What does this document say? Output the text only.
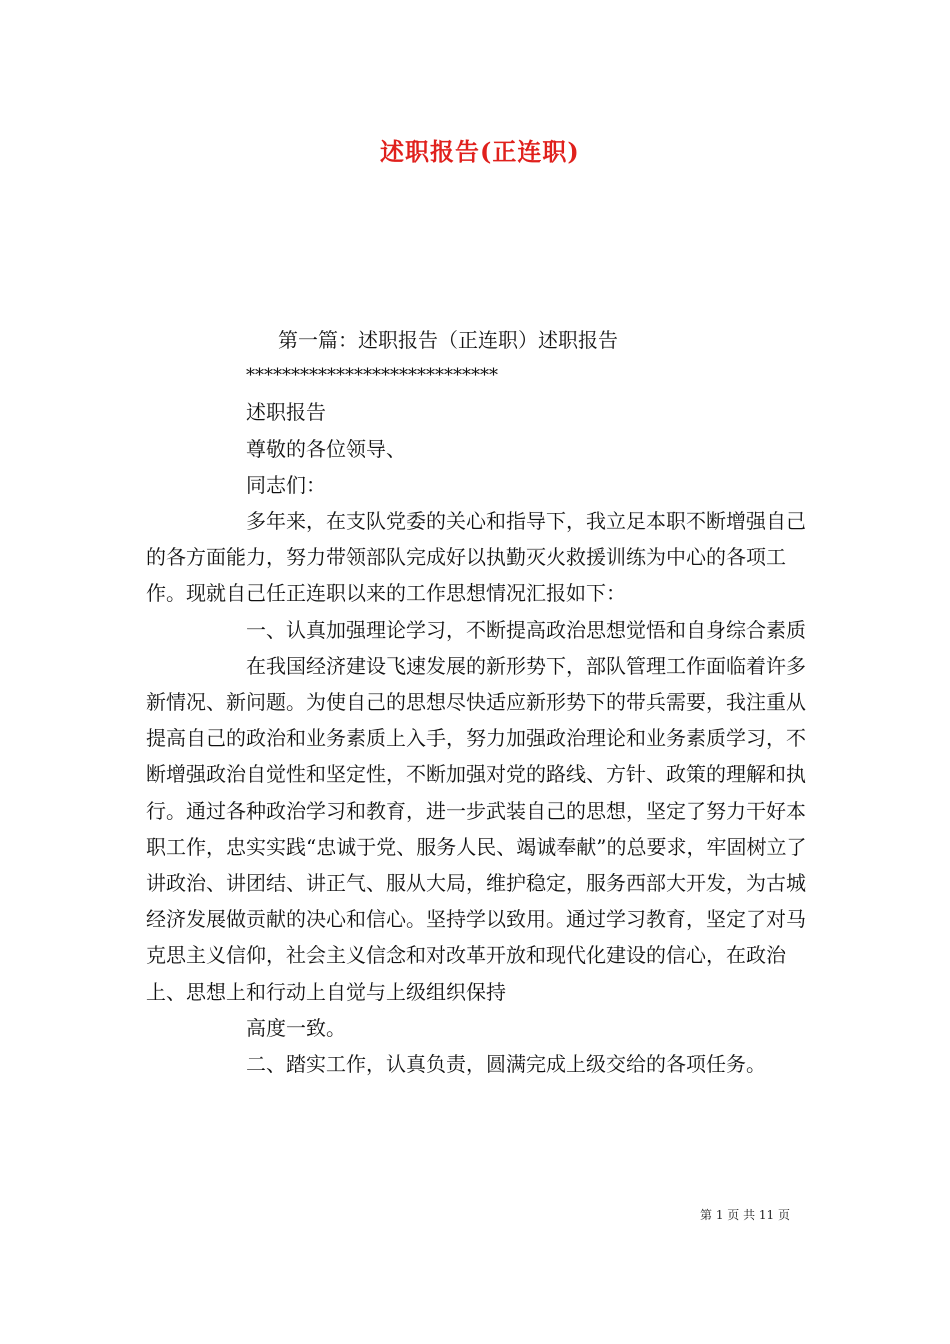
述职报告(正连职)

第一篇：述职报告（正连职）述职报告

****************************

述职报告

尊敬的各位领导、

同志们：

多年来，在支队党委的关心和指导下，我立足本职不断增强自己的各方面能力，努力带领部队完成好以执勤灭火救援训练为中心的各项工作。现就自己任正连职以来的工作思想情况汇报如下：

一、认真加强理论学习，不断提高政治思想觉悟和自身综合素质

在我国经济建设飞速发展的新形势下，部队管理工作面临着许多新情况、新问题。为使自己的思想尽快适应新形势下的带兵需要，我注重从提高自己的政治和业务素质上入手，努力加强政治理论和业务素质学习，不断增强政治自觉性和坚定性，不断加强对党的路线、方针、政策的理解和执行。通过各种政治学习和教育，进一步武装自己的思想，坚定了努力干好本职工作，忠实实践“忠诚于党、服务人民、竭诚奉献”的总要求，牢固树立了讲政治、讲团结、讲正气、服从大局，维护稳定，服务西部大开发，为古城经济发展做贡献的决心和信心。坚持学以致用。通过学习教育，坚定了对马克思主义信仰，社会主义信念和对改革开放和现代化建设的信心，在政治上、思想上和行动上自觉与上级组织保持

高度一致。

二、踏实工作，认真负责，圆满完成上级交给的各项任务。

第 1 页 共 11 页
